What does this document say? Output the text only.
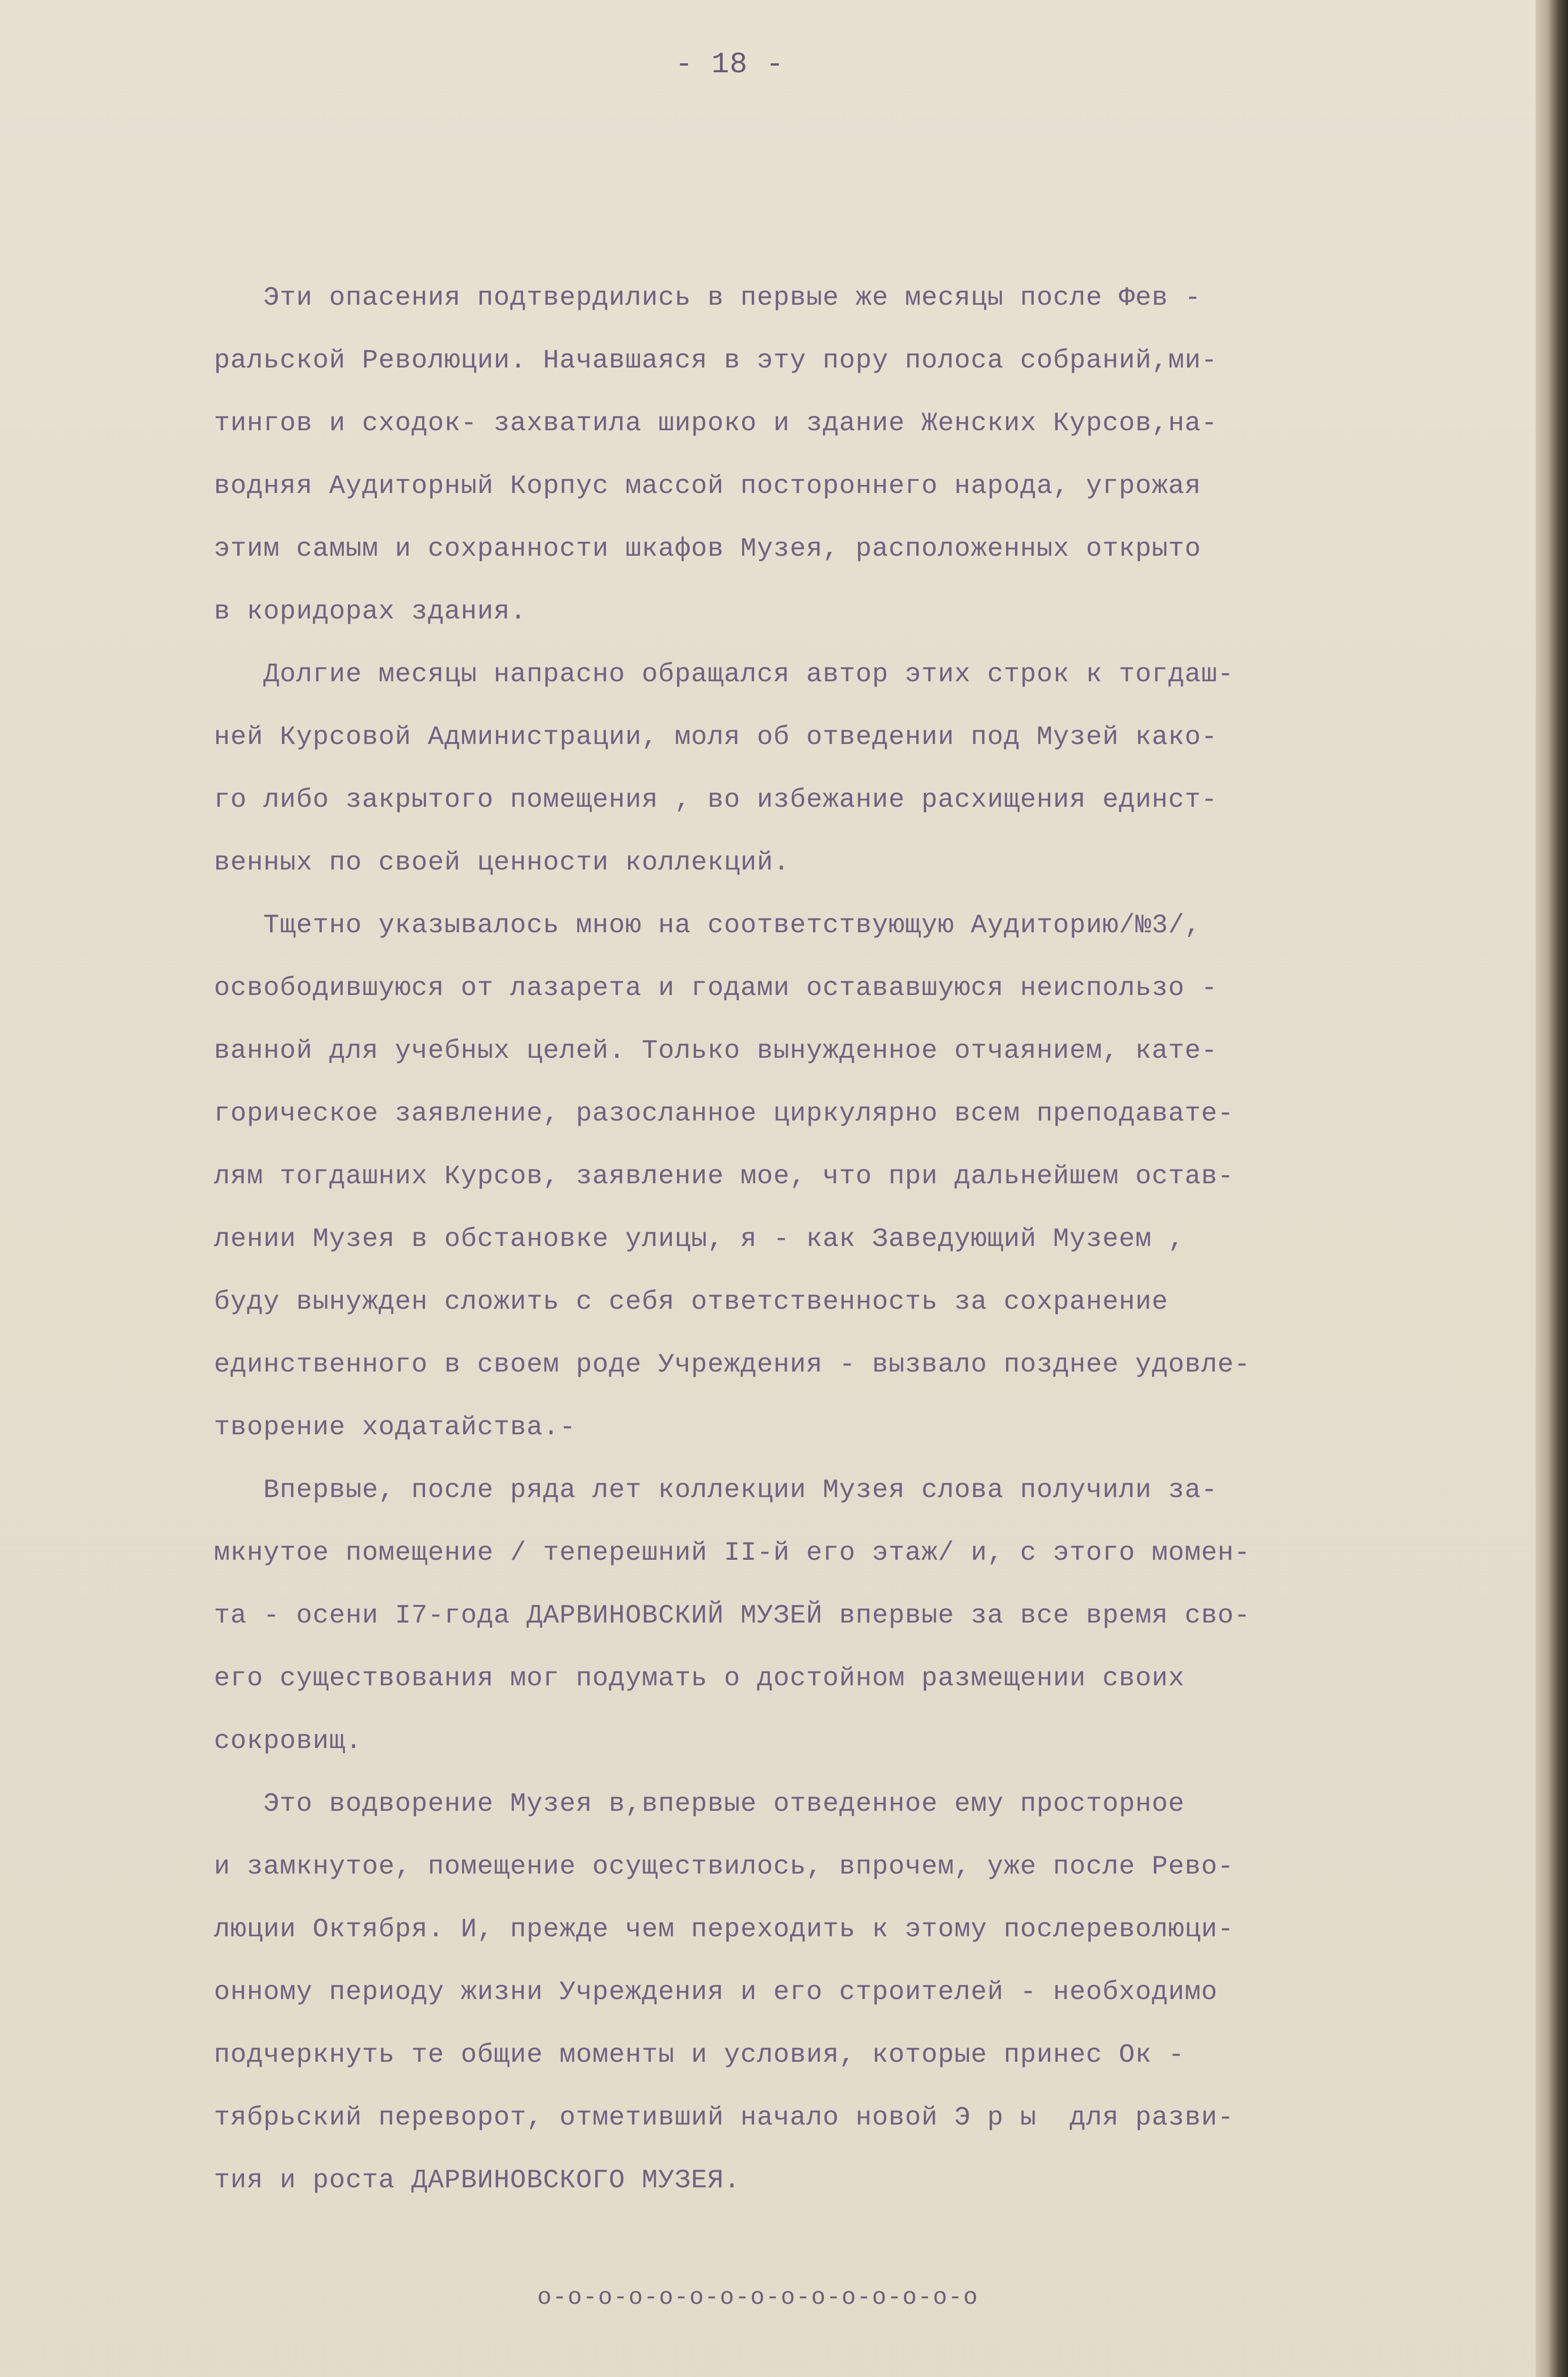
- 18 -
Эти опасения подтвердились в первые же месяцы после Фев -
ральской Революции. Начавшаяся в эту пору полоса собраний,ми-
тингов и сходок- захватила широко и здание Женских Курсов,на-
водняя Аудиторный Корпус массой постороннего народа, угрожая
этим самым и сохранности шкафов Музея, расположенных открыто
в коридорах здания.
Долгие месяцы напрасно обращался автор этих строк к тогдаш-
ней Курсовой Администрации, моля об отведении под Музей како-
го либо закрытого помещения , во избежание расхищения единст-
венных по своей ценности коллекций.
Тщетно указывалось мною на соответствующую Аудиторию/№3/,
освободившуюся от лазарета и годами остававшуюся неиспользо -
ванной для учебных целей. Только вынужденное отчаянием, кате-
горическое заявление, разосланное циркулярно всем преподавате-
лям тогдашних Курсов, заявление мое, что при дальнейшем остав-
лении Музея в обстановке улицы, я - как Заведующий Музеем ,
буду вынужден сложить с себя ответственность за сохранение
единственного в своем роде Учреждения - вызвало позднее удовле-
творение ходатайства.-
Впервые, после ряда лет коллекции Музея слова получили за-
мкнутое помещение / теперешний II-й его этаж/ и, с этого момен-
та - осени I7-года ДАРВИНОВСКИЙ МУЗЕЙ впервые за все время сво-
его существования мог подумать о достойном размещении своих
сокровищ.
Это водворение Музея в,впервые отведенное ему просторное
и замкнутое, помещение осуществилось, впрочем, уже после Рево-
люции Октября. И, прежде чем переходить к этому послереволюци-
онному периоду жизни Учреждения и его строителей - необходимо
подчеркнуть те общие моменты и условия, которые принес Ок -
тябрьский переворот, отметивший начало новой Э р ы  для разви-
тия и роста ДАРВИНОВСКОГО МУЗЕЯ.
о-о-о-о-о-о-о-о-о-о-о-о-о-о-о
